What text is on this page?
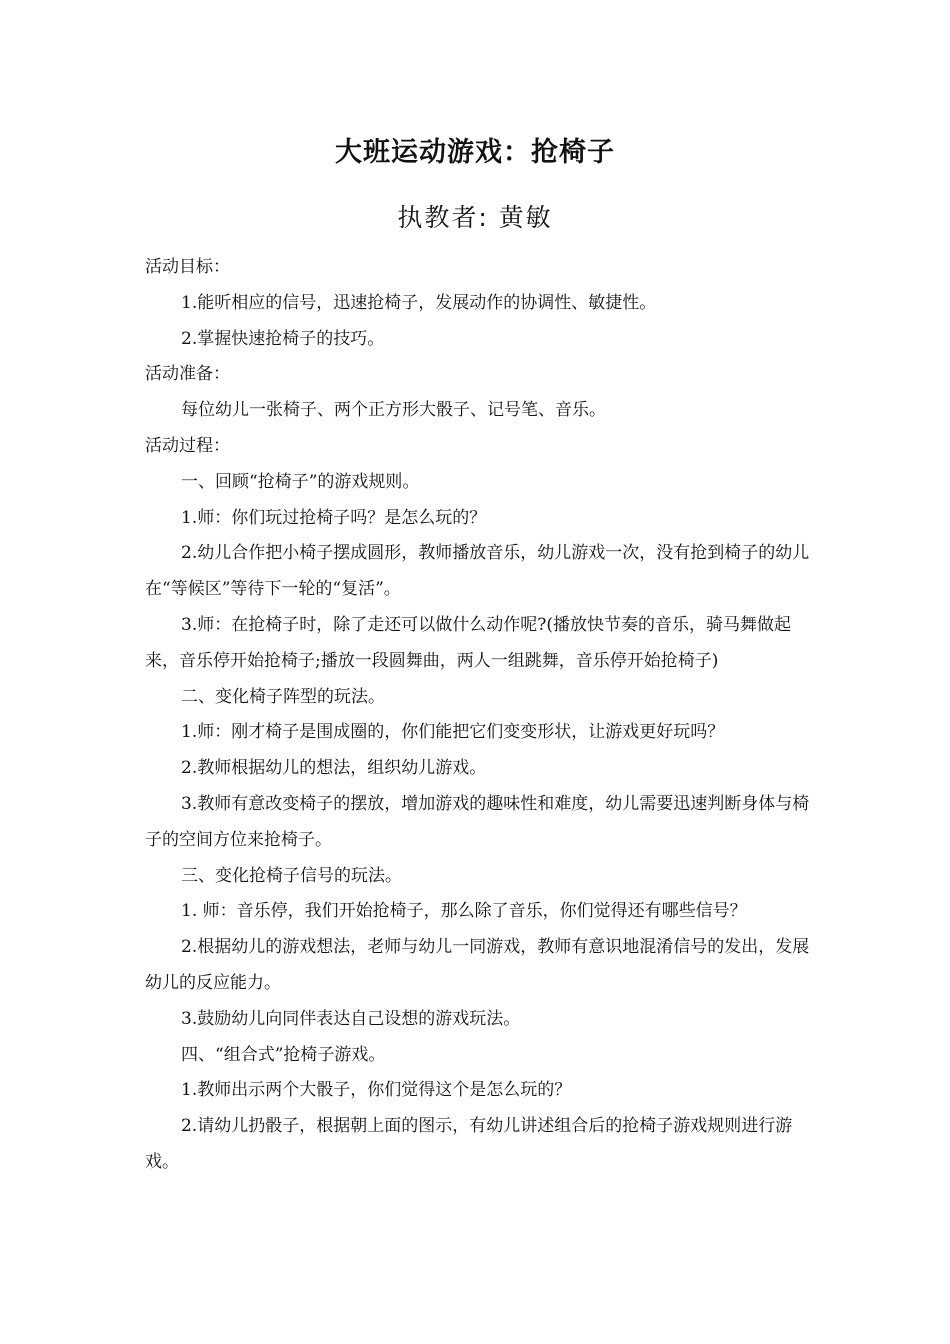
大班运动游戏：抢椅子
执教者: 黄敏

活动目标：

1.能听相应的信号，迅速抢椅子，发展动作的协调性、敏捷性。

2.掌握快速抢椅子的技巧。

活动准备：

每位幼儿一张椅子、两个正方形大骰子、记号笔、音乐。

活动过程：

一、回顾“抢椅子”的游戏规则。

1.师：你们玩过抢椅子吗？是怎么玩的？

2.幼儿合作把小椅子摆成圆形，教师播放音乐，幼儿游戏一次，没有抢到椅子的幼儿在“等候区”等待下一轮的“复活”。

3.师：在抢椅子时，除了走还可以做什么动作呢?(播放快节奏的音乐，骑马舞做起来，音乐停开始抢椅子;播放一段圆舞曲，两人一组跳舞，音乐停开始抢椅子)

二、变化椅子阵型的玩法。

1.师：刚才椅子是围成圈的，你们能把它们变变形状，让游戏更好玩吗？

2.教师根据幼儿的想法，组织幼儿游戏。

3.教师有意改变椅子的摆放，增加游戏的趣味性和难度，幼儿需要迅速判断身体与椅子的空间方位来抢椅子。

三、变化抢椅子信号的玩法。

1. 师：音乐停，我们开始抢椅子，那么除了音乐，你们觉得还有哪些信号？

2.根据幼儿的游戏想法，老师与幼儿一同游戏，教师有意识地混淆信号的发出，发展幼儿的反应能力。

3.鼓励幼儿向同伴表达自己设想的游戏玩法。

四、“组合式”抢椅子游戏。

1.教师出示两个大骰子，你们觉得这个是怎么玩的？

2.请幼儿扔骰子，根据朝上面的图示，有幼儿讲述组合后的抢椅子游戏规则进行游戏。
